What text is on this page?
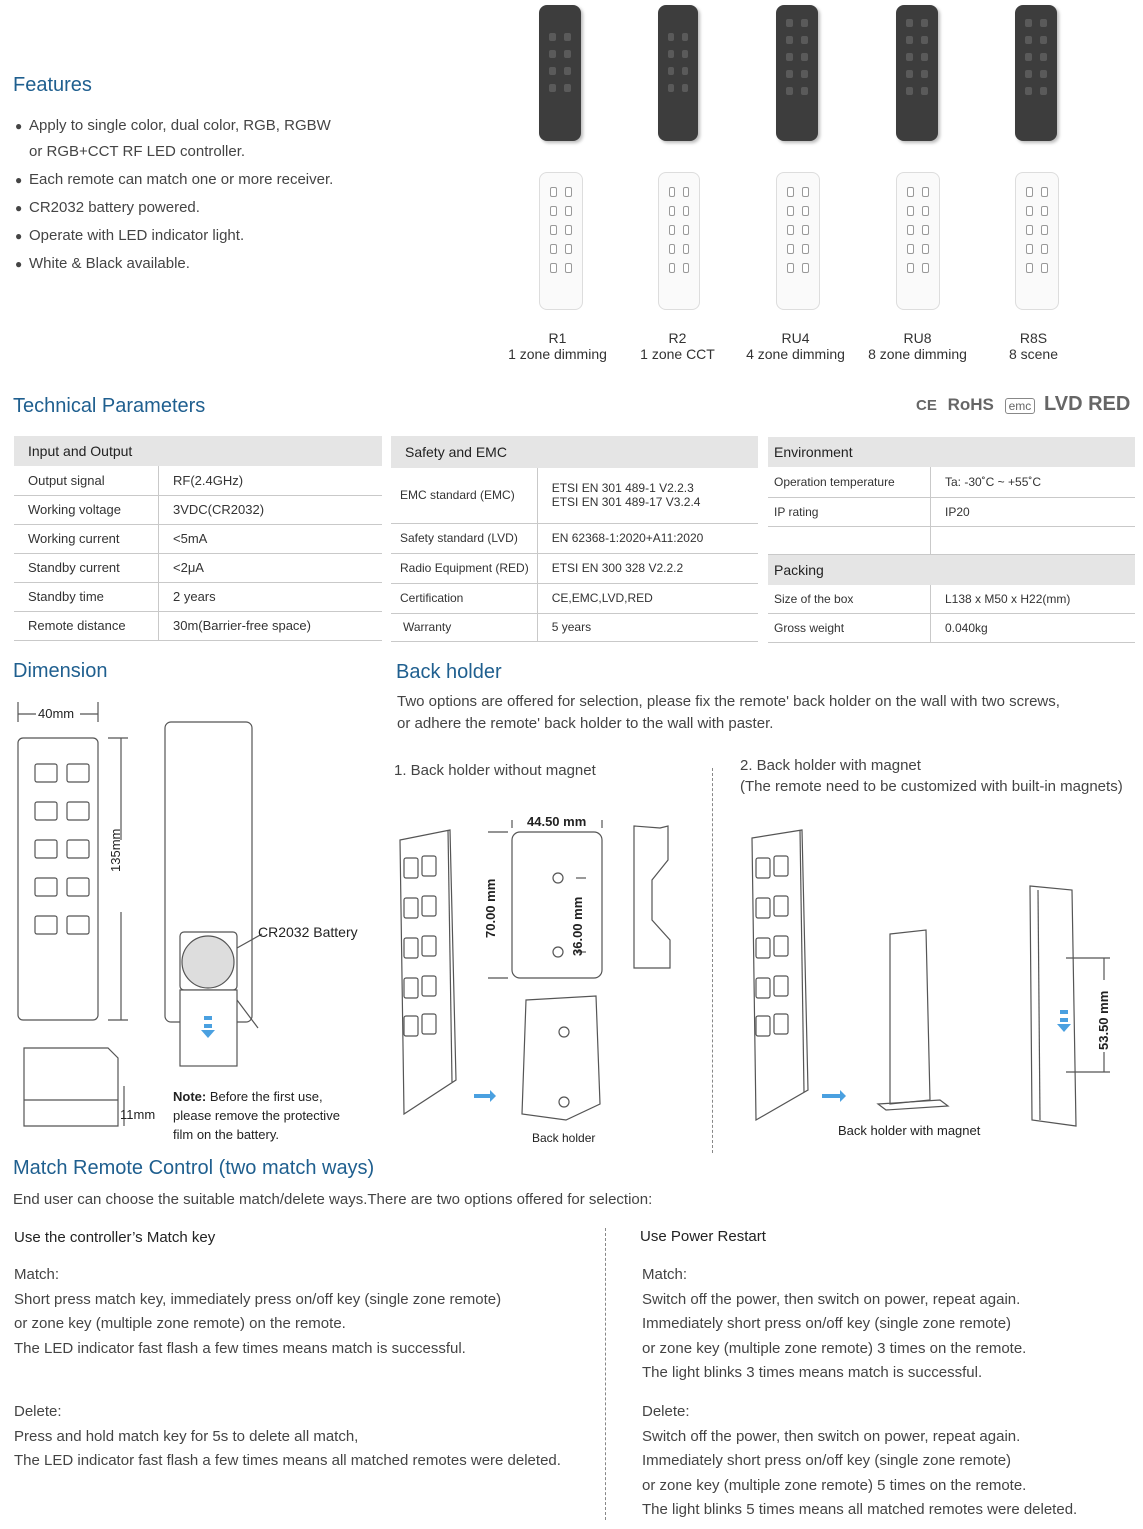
Features
● Apply to single color, dual color, RGB, RGBW
or RGB+CCT RF LED controller.
● Each remote can match one or more receiver.
● CR2032 battery powered.
● Operate with LED indicator light.
● White & Black available.
R1
1 zone dimming
R2
1 zone CCT
RU4
4 zone dimming
RU8
8 zone dimming
R8S
8 scene
Technical Parameters	CE RoHS emc LVD RED
Input and Output	
Output signal	RF(2.4GHz)
Working voltage	3VDC(CR2032)
Working current	<5mA
Standby current	<2μA
Standby time	2 years
Remote distance	30m(Barrier-free space)
Safety and EMC	
EMC standard (EMC)	ETSI EN 301 489-1 V2.2.3
ETSI EN 301 489-17 V3.2.4

Safety standard (LVD)	EN 62368-1:2020+A11:2020
Radio Equipment (RED)	ETSI EN 300 328 V2.2.2
Certification	CE,EMC,LVD,RED
Warranty	5 years
Environment	
Operation temperature	Ta: -30˚C ~ +55˚C
IP rating	IP20

Packing	
Size of the box	L138 x M50 x H22(mm)
Gross weight	0.040kg
Dimension
40mm
135mm
11mm
CR2032 Battery
Note: Before the first use,
please remove the protective
film on the battery.
Back holder
Two options are offered for selection, please fix the remote' back holder on the wall with two screws,
or adhere the remote' back holder to the wall with paster.
1. Back holder without magnet	2. Back holder with magnet
(The remote need to be customized with built-in magnets)
44.50 mm
70.00 mm	36.00 mm
Back holder
53.50 mm
Back holder with magnet
Match Remote Control (two match ways)
End user can choose the suitable match/delete ways.There are two options offered for selection:
Use the controller’s Match key
Match:
Short press match key, immediately press on/off key (single zone remote)
or zone key (multiple zone remote) on the remote.
The LED indicator fast flash a few times means match is successful.
Delete:
Press and hold match key for 5s to delete all match,
The LED indicator fast flash a few times means all matched remotes were deleted.
Use Power Restart
Match:
Switch off the power, then switch on power, repeat again.
Immediately short press on/off key (single zone remote)
or zone key (multiple zone remote) 3 times on the remote.
The light blinks 3 times means match is successful.
Delete:
Switch off the power, then switch on power, repeat again.
Immediately short press on/off key (single zone remote)
or zone key (multiple zone remote) 5 times on the remote.
The light blinks 5 times means all matched remotes were deleted.
